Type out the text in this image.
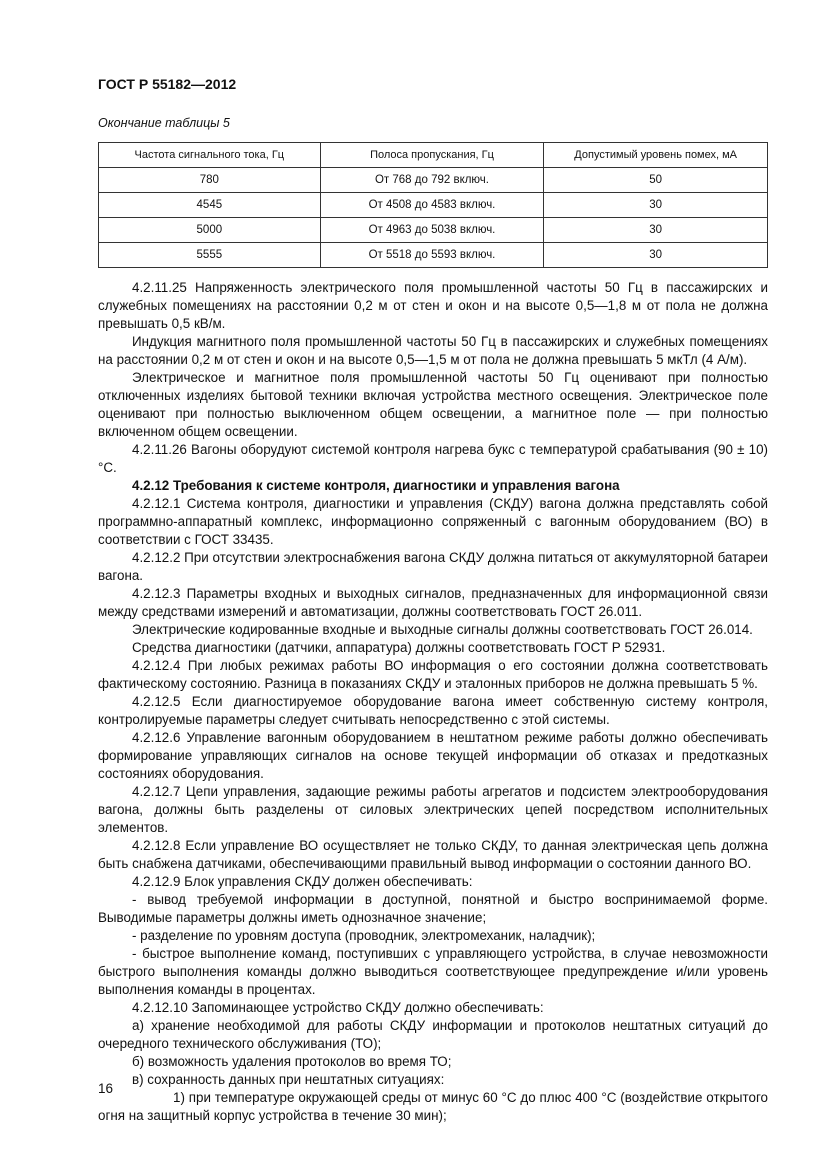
ГОСТ Р 55182—2012
Окончание таблицы 5
Частота сигнального тока, Гц	Полоса пропускания, Гц	Допустимый уровень помех, мА
780	От 768 до 792 включ.	50
4545	От 4508 до 4583 включ.	30
5000	От 4963 до 5038 включ.	30
5555	От 5518 до 5593 включ.	30

4.2.11.25 Напряженность электрического поля промышленной частоты 50 Гц в пассажирских и служебных помещениях на расстоянии 0,2 м от стен и окон и на высоте 0,5—1,8 м от пола не должна превышать 0,5 кВ/м.

Индукция магнитного поля промышленной частоты 50 Гц в пассажирских и служебных помещениях на расстоянии 0,2 м от стен и окон и на высоте 0,5—1,5 м от пола не должна превышать 5 мкТл (4 А/м).

Электрическое и магнитное поля промышленной частоты 50 Гц оценивают при полностью отключенных изделиях бытовой техники включая устройства местного освещения. Электрическое поле оценивают при полностью выключенном общем освещении, а магнитное поле — при полностью включенном общем освещении.

4.2.11.26 Вагоны оборудуют системой контроля нагрева букс с температурой срабатывания (90 ± 10) °С.

4.2.12 Требования к системе контроля, диагностики и управления вагона

4.2.12.1 Система контроля, диагностики и управления (СКДУ) вагона должна представлять собой программно-аппаратный комплекс, информационно сопряженный с вагонным оборудованием (ВО) в соответствии с ГОСТ 33435.

4.2.12.2 При отсутствии электроснабжения вагона СКДУ должна питаться от аккумуляторной батареи вагона.

4.2.12.3 Параметры входных и выходных сигналов, предназначенных для информационной связи между средствами измерений и автоматизации, должны соответствовать ГОСТ 26.011.

Электрические кодированные входные и выходные сигналы должны соответствовать ГОСТ 26.014.

Средства диагностики (датчики, аппаратура) должны соответствовать ГОСТ Р 52931.

4.2.12.4 При любых режимах работы ВО информация о его состоянии должна соответствовать фактическому состоянию. Разница в показаниях СКДУ и эталонных приборов не должна превышать 5 %.

4.2.12.5 Если диагностируемое оборудование вагона имеет собственную систему контроля, контролируемые параметры следует считывать непосредственно с этой системы.

4.2.12.6 Управление вагонным оборудованием в нештатном режиме работы должно обеспечивать формирование управляющих сигналов на основе текущей информации об отказах и предотказных состояниях оборудования.

4.2.12.7 Цепи управления, задающие режимы работы агрегатов и подсистем электрооборудования вагона, должны быть разделены от силовых электрических цепей посредством исполнительных элементов.

4.2.12.8 Если управление ВО осуществляет не только СКДУ, то данная электрическая цепь должна быть снабжена датчиками, обеспечивающими правильный вывод информации о состоянии данного ВО.

4.2.12.9 Блок управления СКДУ должен обеспечивать:

- вывод требуемой информации в доступной, понятной и быстро воспринимаемой форме. Выводимые параметры должны иметь однозначное значение;

- разделение по уровням доступа (проводник, электромеханик, наладчик);

- быстрое выполнение команд, поступивших с управляющего устройства, в случае невозможности быстрого выполнения команды должно выводиться соответствующее предупреждение и/или уровень выполнения команды в процентах.

4.2.12.10 Запоминающее устройство СКДУ должно обеспечивать:

а) хранение необходимой для работы СКДУ информации и протоколов нештатных ситуаций до очередного технического обслуживания (ТО);

б) возможность удаления протоколов во время ТО;

в) сохранность данных при нештатных ситуациях:

1) при температуре окружающей среды от минус 60 °С до плюс 400 °С (воздействие открытого огня на защитный корпус устройства в течение 30 мин);

16
